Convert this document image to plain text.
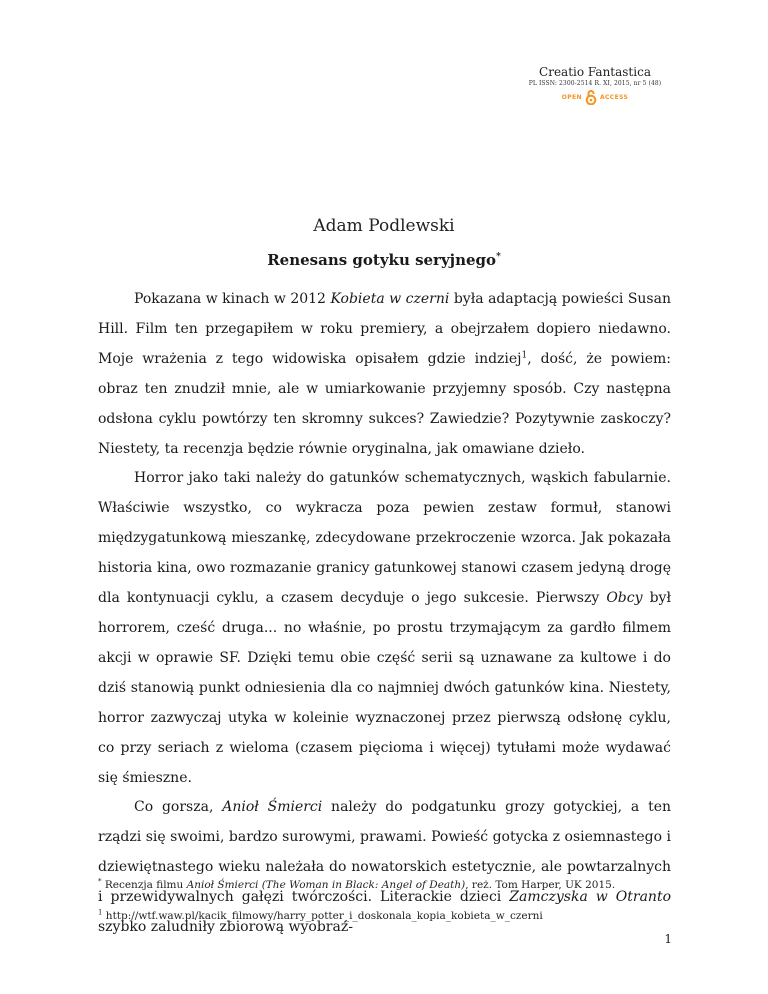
Creatio Fantastica
PL ISSN: 2300-2514 R. XI, 2015, nr 5 (48)
OPEN	ACCESS
Adam Podlewski
Renesans gotyku seryjnego*

Pokazana w kinach w 2012 Kobieta w czerni była adaptacją powieści Susan Hill. Film ten przegapiłem w roku premiery, a obejrzałem dopiero niedawno. Moje wrażenia z tego widowiska opisałem gdzie indziej$^1$, dość, że powiem: obraz ten znudził mnie, ale w umiarkowanie przyjemny sposób. Czy następna odsłona cyklu powtórzy ten skromny sukces? Zawiedzie? Pozytywnie zaskoczy? Niestety, ta recenzja będzie równie oryginalna, jak omawiane dzieło.

Horror jako taki należy do gatunków schematycznych, wąskich fabularnie. Właściwie wszystko, co wykracza poza pewien zestaw formuł, stanowi międzygatunkową mieszankę, zdecydowane przekroczenie wzorca. Jak pokazała historia kina, owo rozmazanie granicy gatunkowej stanowi czasem jedyną drogę dla kontynuacji cyklu, a czasem decyduje o jego sukcesie. Pierwszy Obcy był horrorem, cześć druga... no właśnie, po prostu trzymającym za gardło filmem akcji w oprawie SF. Dzięki temu obie część serii są uznawane za kultowe i do dziś stanowią punkt odniesienia dla co najmniej dwóch gatunków kina. Niestety, horror zazwyczaj utyka w koleinie wyznaczonej przez pierwszą odsłonę cyklu, co przy seriach z wieloma (czasem pięcioma i więcej) tytułami może wydawać się śmieszne.

Co gorsza, Anioł Śmierci należy do podgatunku grozy gotyckiej, a ten rządzi się swoimi, bardzo surowymi, prawami. Powieść gotycka z osiemnastego i dziewiętnastego wieku należała do nowatorskich estetycznie, ale powtarzalnych i przewidywalnych gałęzi twórczości. Literackie dzieci Zamczyska w Otranto szybko zaludniły zbiorową wyobraź-

* Recenzja filmu Anioł Śmierci (The Woman in Black: Angel of Death), reż. Tom Harper, UK 2015.
$^1$ http://wtf.waw.pl/kacik_filmowy/harry_potter_i_doskonala_kopia_kobieta_w_czerni
1
